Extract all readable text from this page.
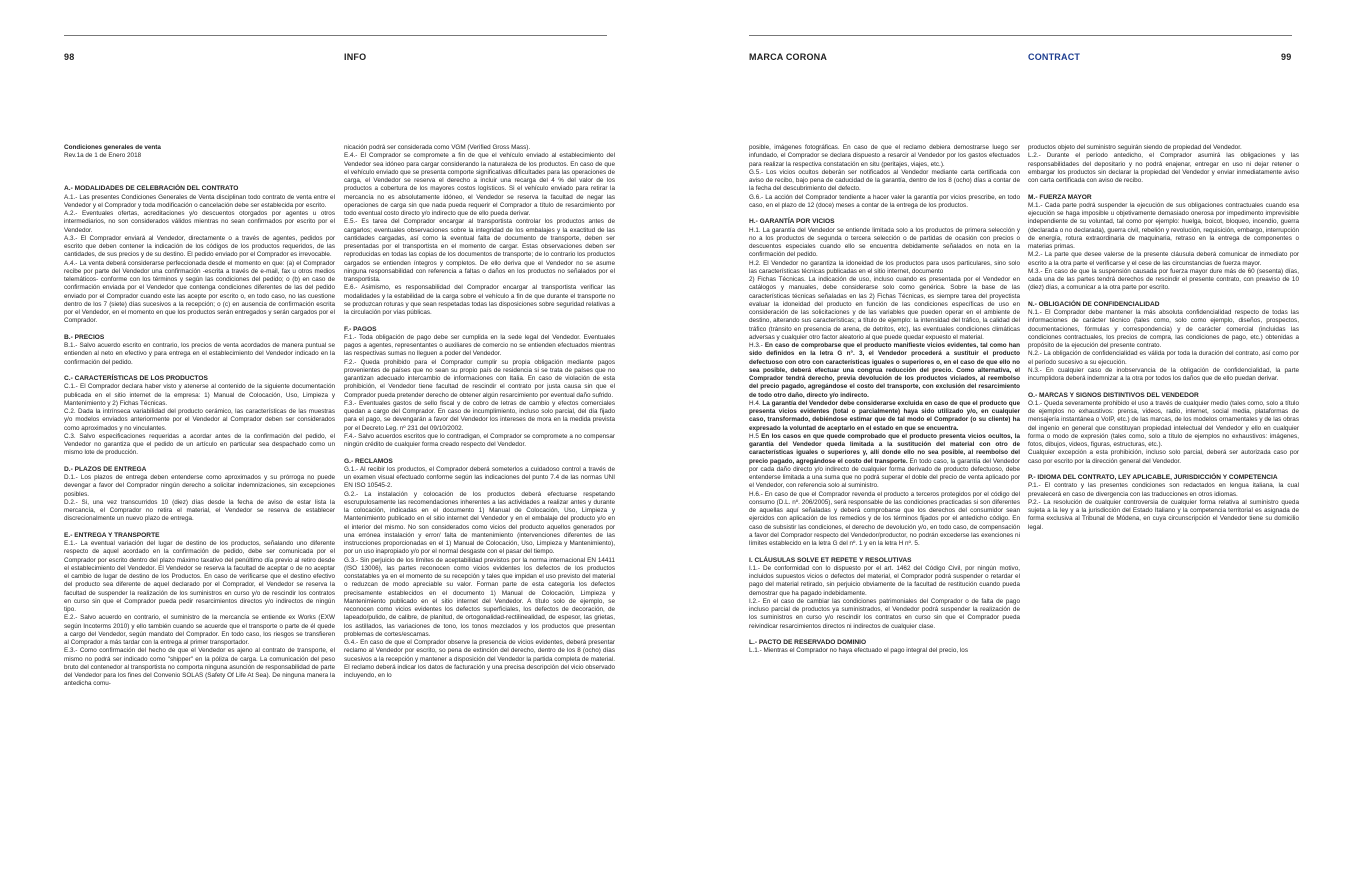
98	INFO	MARCA CORONA	CONTRACT	99

Condiciones generales de venta

Rev.1a de 1 de Enero 2018

A.- MODALIDADES DE CELEBRACIÓN DEL CONTRATO

A.1.- Las presentes Condiciones Generales de Venta disciplinan todo contrato de venta entre el Vendedor y el Comprador y toda modificación o cancelación debe ser establecida por escrito.

A.2.- Eventuales ofertas, acreditaciones y/o descuentos otorgados por agentes u otros intermediarios, no son considerados válidos mientras no sean confirmados por escrito por el Vendedor.

A.3.- El Comprador enviará al Vendedor, directamente o a través de agentes, pedidos por escrito que deben contener la indicación de los códigos de los productos requeridos, de las cantidades, de sus precios y de su destino. El pedido enviado por el Comprador es irrevocable.

A.4.- La venta deberá considerarse perfeccionada desde el momento en que: (a) el Comprador recibe por parte del Vendedor una confirmación -escrita a través de e-mail, fax u otros medios telemáticos- conforme con los términos y según las condiciones del pedido; o (b) en caso de confirmación enviada por el Vendedor que contenga condiciones diferentes de las del pedido enviado por el Comprador cuando este las acepte por escrito o, en todo caso, no las cuestione dentro de los 7 (siete) días sucesivos a la recepción; o (c) en ausencia de confirmación escrita por el Vendedor, en el momento en que los productos serán entregados y serán cargados por el Comprador.

B.- PRECIOS

B.1.- Salvo acuerdo escrito en contrario, los precios de venta acordados de manera puntual se entienden al neto en efectivo y para entrega en el establecimiento del Vendedor indicado en la confirmación del pedido.

C.- CARACTERÍSTICAS DE LOS PRODUCTOS

C.1.- El Comprador declara haber visto y atenerse al contenido de la siguiente documentación publicada en el sitio internet de la empresa: 1) Manual de Colocación, Uso, Limpieza y Mantenimiento y 2) Fichas Técnicas.

C.2. Dada la intrínseca variabilidad del producto cerámico, las características de las muestras y/o modelos enviados anteriormente por el Vendedor al Comprador deben ser considerados como aproximados y no vinculantes.

C.3. Salvo especificaciones requeridas a acordar antes de la confirmación del pedido, el Vendedor no garantiza que el pedido de un artículo en particular sea despachado como un mismo lote de producción.

D.- PLAZOS DE ENTREGA

D.1.- Los plazos de entrega deben entenderse como aproximados y su prórroga no puede devengar a favor del Comprador ningún derecho a solicitar indemnizaciones, sin excepciones posibles.

D.2.- Si, una vez transcurridos 10 (diez) días desde la fecha de aviso de estar lista la mercancía, el Comprador no retira el material, el Vendedor se reserva de establecer discrecionalmente un nuevo plazo de entrega.

E.- ENTREGA Y TRANSPORTE

E.1.- La eventual variación del lugar de destino de los productos, señalando uno diferente respecto de aquel acordado en la confirmación de pedido, debe ser comunicada por el Comprador por escrito dentro del plazo máximo taxativo del penúltimo día previo al retiro desde el establecimiento del Vendedor. El Vendedor se reserva la facultad de aceptar o de no aceptar el cambio de lugar de destino de los Productos. En caso de verificarse que el destino efectivo del producto sea diferente de aquel declarado por el Comprador, el Vendedor se reserva la facultad de suspender la realización de los suministros en curso y/o de rescindir los contratos en curso sin que el Comprador pueda pedir resarcimientos directos y/o indirectos de ningún tipo.

E.2.- Salvo acuerdo en contrario, el suministro de la mercancía se entiende ex Works (EXW según Incoterms 2010) y ello también cuando se acuerde que el transporte o parte de él quede a cargo del Vendedor, según mandato del Comprador. En todo caso, los riesgos se transfieren al Comprador a más tardar con la entrega al primer transportador.

E.3.- Como confirmación del hecho de que el Vendedor es ajeno al contrato de transporte, el mismo no podrá ser indicado como "shipper" en la póliza de carga. La comunicación del peso bruto del contenedor al transportista no comporta ninguna asunción de responsabilidad de parte del Vendedor para los fines del Convenio SOLAS (Safety Of Life At Sea). De ninguna manera la antedicha comu-

nicación podrá ser considerada como VGM (Verified Gross Mass).

E.4.- El Comprador se compromete a fin de que el vehículo enviado al establecimiento del Vendedor sea idóneo para cargar considerando la naturaleza de los productos. En caso de que el vehículo enviado que se presenta comporte significativas dificultades para las operaciones de carga, el Vendedor se reserva el derecho a incluir una recarga del 4 % del valor de los productos a cobertura de los mayores costos logísticos. Si el vehículo enviado para retirar la mercancía no es absolutamente idóneo, el Vendedor se reserva la facultad de negar las operaciones de carga sin que nada pueda requerir el Comprador a título de resarcimiento por todo eventual costo directo y/o indirecto que de ello pueda derivar.

E.5.- Es tarea del Comprador encargar al transportista controlar los productos antes de cargarlos; eventuales observaciones sobre la integridad de los embalajes y la exactitud de las cantidades cargadas, así como la eventual falta de documento de transporte, deben ser presentadas por el transportista en el momento de cargar. Estas observaciones deben ser reproducidas en todas las copias de los documentos de transporte; de lo contrario los productos cargados se entienden íntegros y completos. De ello deriva que el Vendedor no se asume ninguna responsabilidad con referencia a faltas o daños en los productos no señalados por el transportista.

E.6.- Asimismo, es responsabilidad del Comprador encargar al transportista verificar las modalidades y la estabilidad de la carga sobre el vehículo a fin de que durante el transporte no se produzcan roturas y que sean respetadas todas las disposiciones sobre seguridad relativas a la circulación por vías públicas.

F.- PAGOS

F.1.- Toda obligación de pago debe ser cumplida en la sede legal del Vendedor. Eventuales pagos a agentes, representantes o auxiliares de comercio no se entienden efectuados mientras las respectivas sumas no lleguen a poder del Vendedor.

F.2.- Queda prohibido para el Comprador cumplir su propia obligación mediante pagos provenientes de países que no sean su propio país de residencia si se trata de países que no garantizan adecuado intercambio de informaciones con Italia. En caso de violación de esta prohibición, el Vendedor tiene facultad de rescindir el contrato por justa causa sin que el Comprador pueda pretender derecho de obtener algún resarcimiento por eventual daño sufrido.

F.3.- Eventuales gastos de sello fiscal y de cobro de letras de cambio y efectos comerciales quedan a cargo del Comprador. En caso de incumplimiento, incluso solo parcial, del día fijado para el pago, se devengarán a favor del Vendedor los intereses de mora en la medida prevista por el Decreto Leg. nº 231 del 09/10/2002.

F.4.- Salvo acuerdos escritos que lo contradigan, el Comprador se compromete a no compensar ningún crédito de cualquier forma creado respecto del Vendedor.

G.- RECLAMOS

G.1.- Al recibir los productos, el Comprador deberá someterlos a cuidadoso control a través de un examen visual efectuado conforme según las indicaciones del punto 7.4 de las normas UNI EN ISO 10545-2.

G.2.- La instalación y colocación de los productos deberá efectuarse respetando escrupulosamente las recomendaciones inherentes a las actividades a realizar antes y durante la colocación, indicadas en el documento 1) Manual de Colocación, Uso, Limpieza y Mantenimiento publicado en el sitio internet del Vendedor y en el embalaje del producto y/o en el interior del mismo. No son considerados como vicios del producto aquellos generados por una errónea instalación y error/ falta de mantenimiento (intervenciones diferentes de las instrucciones proporcionadas en el 1) Manual de Colocación, Uso, Limpieza y Mantenimiento), por un uso inapropiado y/o por el normal desgaste con el pasar del tiempo.

G.3.- Sin perjuicio de los límites de aceptabilidad previstos por la norma internacional EN 14411 (ISO 13006), las partes reconocen como vicios evidentes los defectos de los productos constatables ya en el momento de su recepción y tales que impidan el uso previsto del material o reduzcan de modo apreciable su valor. Forman parte de esta categoría los defectos precisamente establecidos en el documento 1) Manual de Colocación, Limpieza y Mantenimiento publicado en el sitio internet del Vendedor. A título solo de ejemplo, se reconocen como vicios evidentes los defectos superficiales, los defectos de decoración, de lapeado/pulido, de calibre, de planitud, de ortogonalidad-rectilinealidad, de espesor, las grietas, los astillados, las variaciones de tono, los tonos mezclados y los productos que presentan problemas de cortes/escamas.

G.4.- En caso de que el Comprador observe la presencia de vicios evidentes, deberá presentar reclamo al Vendedor por escrito, so pena de extinción del derecho, dentro de los 8 (ocho) días sucesivos a la recepción y mantener a disposición del Vendedor la partida completa de material. El reclamo deberá indicar los datos de facturación y una precisa descripción del vicio observado incluyendo, en lo

posible, imágenes fotográficas. En caso de que el reclamo debiera demostrarse luego ser infundado, el Comprador se declara dispuesto a resarcir al Vendedor por los gastos efectuados para realizar la respectiva constatación en situ (peritajes, viajes, etc.).

G.5.- Los vicios ocultos deberán ser notificados al Vendedor mediante carta certificada con aviso de recibo, bajo pena de caducidad de la garantía, dentro de los 8 (ocho) días a contar de la fecha del descubrimiento del defecto.

G.6.- La acción del Comprador tendiente a hacer valer la garantía por vicios prescribe, en todo caso, en el plazo de 12 (doce) meses a contar de la entrega de los productos.

H.- GARANTÍA POR VICIOS

H.1. La garantía del Vendedor se entiende limitada solo a los productos de primera selección y no a los productos de segunda o tercera selección o de partidas de ocasión con precios o descuentos especiales cuando ello se encuentra debidamente señalados en nota en la confirmación del pedido.

H.2. El Vendedor no garantiza la idoneidad de los productos para usos particulares, sino solo las características técnicas publicadas en el sitio internet, documento

2) Fichas Técnicas. La indicación de uso, incluso cuando es presentada por el Vendedor en catálogos y manuales, debe considerarse solo como genérica. Sobre la base de las características técnicas señaladas en las 2) Fichas Técnicas, es siempre tarea del proyectista evaluar la idoneidad del producto en función de las condiciones específicas de uso en consideración de las solicitaciones y de las variables que pueden operar en el ambiente de destino, alterando sus características; a título de ejemplo: la intensidad del tráfico, la calidad del tráfico (tránsito en presencia de arena, de detritos, etc), las eventuales condiciones climáticas adversas y cualquier otro factor aleatorio al que puede quedar expuesto el material.

H.3.- En caso de comprobarse que el producto manifieste vicios evidentes, tal como han sido definidos en la letra G n°. 3, el Vendedor procederá a sustituir el producto defectuoso con otro con características iguales o superiores o, en el caso de que ello no sea posible, deberá efectuar una congrua reducción del precio. Como alternativa, el Comprador tendrá derecho, previa devolución de los productos viciados, al reembolso del precio pagado, agregándose el costo del transporte, con exclusión del resarcimiento de todo otro daño, directo y/o indirecto.

H.4. La garantía del Vendedor debe considerarse excluida en caso de que el producto que presenta vicios evidentes (total o parcialmente) haya sido utilizado y/o, en cualquier caso, transformado, debiéndose estimar que de tal modo el Comprador (o su cliente) ha expresado la voluntad de aceptarlo en el estado en que se encuentra.

H.5 En los casos en que quede comprobado que el producto presenta vicios ocultos, la garantía del Vendedor queda limitada a la sustitución del material con otro de características iguales o superiores y, allí donde ello no sea posible, al reembolso del precio pagado, agregándose el costo del transporte. En todo caso, la garantía del Vendedor por cada daño directo y/o indirecto de cualquier forma derivado de producto defectuoso, debe entenderse limitada a una suma que no podrá superar el doble del precio de venta aplicado por el Vendedor, con referencia solo al suministro.

H.6.- En caso de que el Comprador revenda el producto a terceros protegidos por el código del consumo (D.L. nº. 206/2005), será responsable de las condiciones practicadas si son diferentes de aquellas aquí señaladas y deberá comprobarse que los derechos del consumidor sean ejercidos con aplicación de los remedios y de los términos fijados por el antedicho código. En caso de subsistir las condiciones, el derecho de devolución y/o, en todo caso, de compensación a favor del Comprador respecto del Vendedor/productor, no podrán excederse las exenciones ni límites establecido en la letra G del nº. 1 y en la letra H nº. 5.

I. CLÁUSULAS SOLVE ET REPETE Y RESOLUTIVAS

I.1.- De conformidad con lo dispuesto por el art. 1462 del Código Civil, por ningún motivo, incluidos supuestos vicios o defectos del material, el Comprador podrá suspender o retardar el pago del material retirado, sin perjuicio obviamente de la facultad de restitución cuando pueda demostrar que ha pagado indebidamente.

I.2.- En el caso de cambiar las condiciones patrimoniales del Comprador o de falta de pago incluso parcial de productos ya suministrados, el Vendedor podrá suspender la realización de los suministros en curso y/o rescindir los contratos en curso sin que el Comprador pueda reivindicar resarcimientos directos ni indirectos de cualquier clase.

L.- PACTO DE RESERVADO DOMINIO

L.1.- Mientras el Comprador no haya efectuado el pago integral del precio, los

productos objeto del suministro seguirán siendo de propiedad del Vendedor.

L.2.- Durante el período antedicho, el Comprador asumirá las obligaciones y las responsabilidades del depositario y no podrá enajenar, entregar en uso ni dejar retener o embargar los productos sin declarar la propiedad del Vendedor y enviar inmediatamente aviso con carta certificada con aviso de recibo.

M.- FUERZA MAYOR

M.1.- Cada parte podrá suspender la ejecución de sus obligaciones contractuales cuando esa ejecución se haga imposible u objetivamente demasiado onerosa por impedimento imprevisible independiente de su voluntad, tal como por ejemplo: huelga, boicot, bloqueo, incendio, guerra (declarada o no declarada), guerra civil, rebelión y revolución, requisición, embargo, interrupción de energía, rotura extraordinaria de maquinaria, retraso en la entrega de componentes o materias primas.

M.2.- La parte que desee valerse de la presente cláusula deberá comunicar de inmediato por escrito a la otra parte el verificarse y el cese de las circunstancias de fuerza mayor.

M.3.- En caso de que la suspensión causada por fuerza mayor dure más de 60 (sesenta) días, cada una de las partes tendrá derechos de rescindir el presente contrato, con preaviso de 10 (diez) días, a comunicar a la otra parte por escrito.

N.- OBLIGACIÓN DE CONFIDENCIALIDAD

N.1.- El Comprador debe mantener la más absoluta confidencialidad respecto de todas las informaciones de carácter técnico (tales como, solo como ejemplo, diseños, prospectos, documentaciones, fórmulas y correspondencia) y de carácter comercial (incluidas las condiciones contractuales, los precios de compra, las condiciones de pago, etc.) obtenidas a propósito de la ejecución del presente contrato.

N.2.- La obligación de confidencialidad es válida por toda la duración del contrato, así como por el período sucesivo a su ejecución.

N.3.- En cualquier caso de inobservancia de la obligación de confidencialidad, la parte incumplidora deberá indemnizar a la otra por todos los daños que de ello puedan derivar.

O.- MARCAS Y SIGNOS DISTINTIVOS DEL VENDEDOR

O.1.- Queda severamente prohibido el uso a través de cualquier medio (tales como, solo a título de ejemplos no exhaustivos: prensa, videos, radio, internet, social media, plataformas de mensajería instantánea o VoIP, etc.) de las marcas, de los modelos ornamentales y de las obras del ingenio en general que constituyan propiedad intelectual del Vendedor y ello en cualquier forma o modo de expresión (tales como, solo a título de ejemplos no exhaustivos: imágenes, fotos, dibujos, videos, figuras, estructuras, etc.).

Cualquier excepción a esta prohibición, incluso solo parcial, deberá ser autorizada caso por caso por escrito por la dirección general del Vendedor.

P.- IDIOMA DEL CONTRATO, LEY APLICABLE, JURISDICCIÓN Y COMPETENCIA

P.1.- El contrato y las presentes condiciones son redactados en lengua italiana, la cual prevalecerá en caso de divergencia con las traducciones en otros idiomas.

P.2.- La resolución de cualquier controversia de cualquier forma relativa al suministro queda sujeta a la ley y a la jurisdicción del Estado Italiano y la competencia territorial es asignada de forma exclusiva al Tribunal de Módena, en cuya circunscripción el Vendedor tiene su domicilio legal.
